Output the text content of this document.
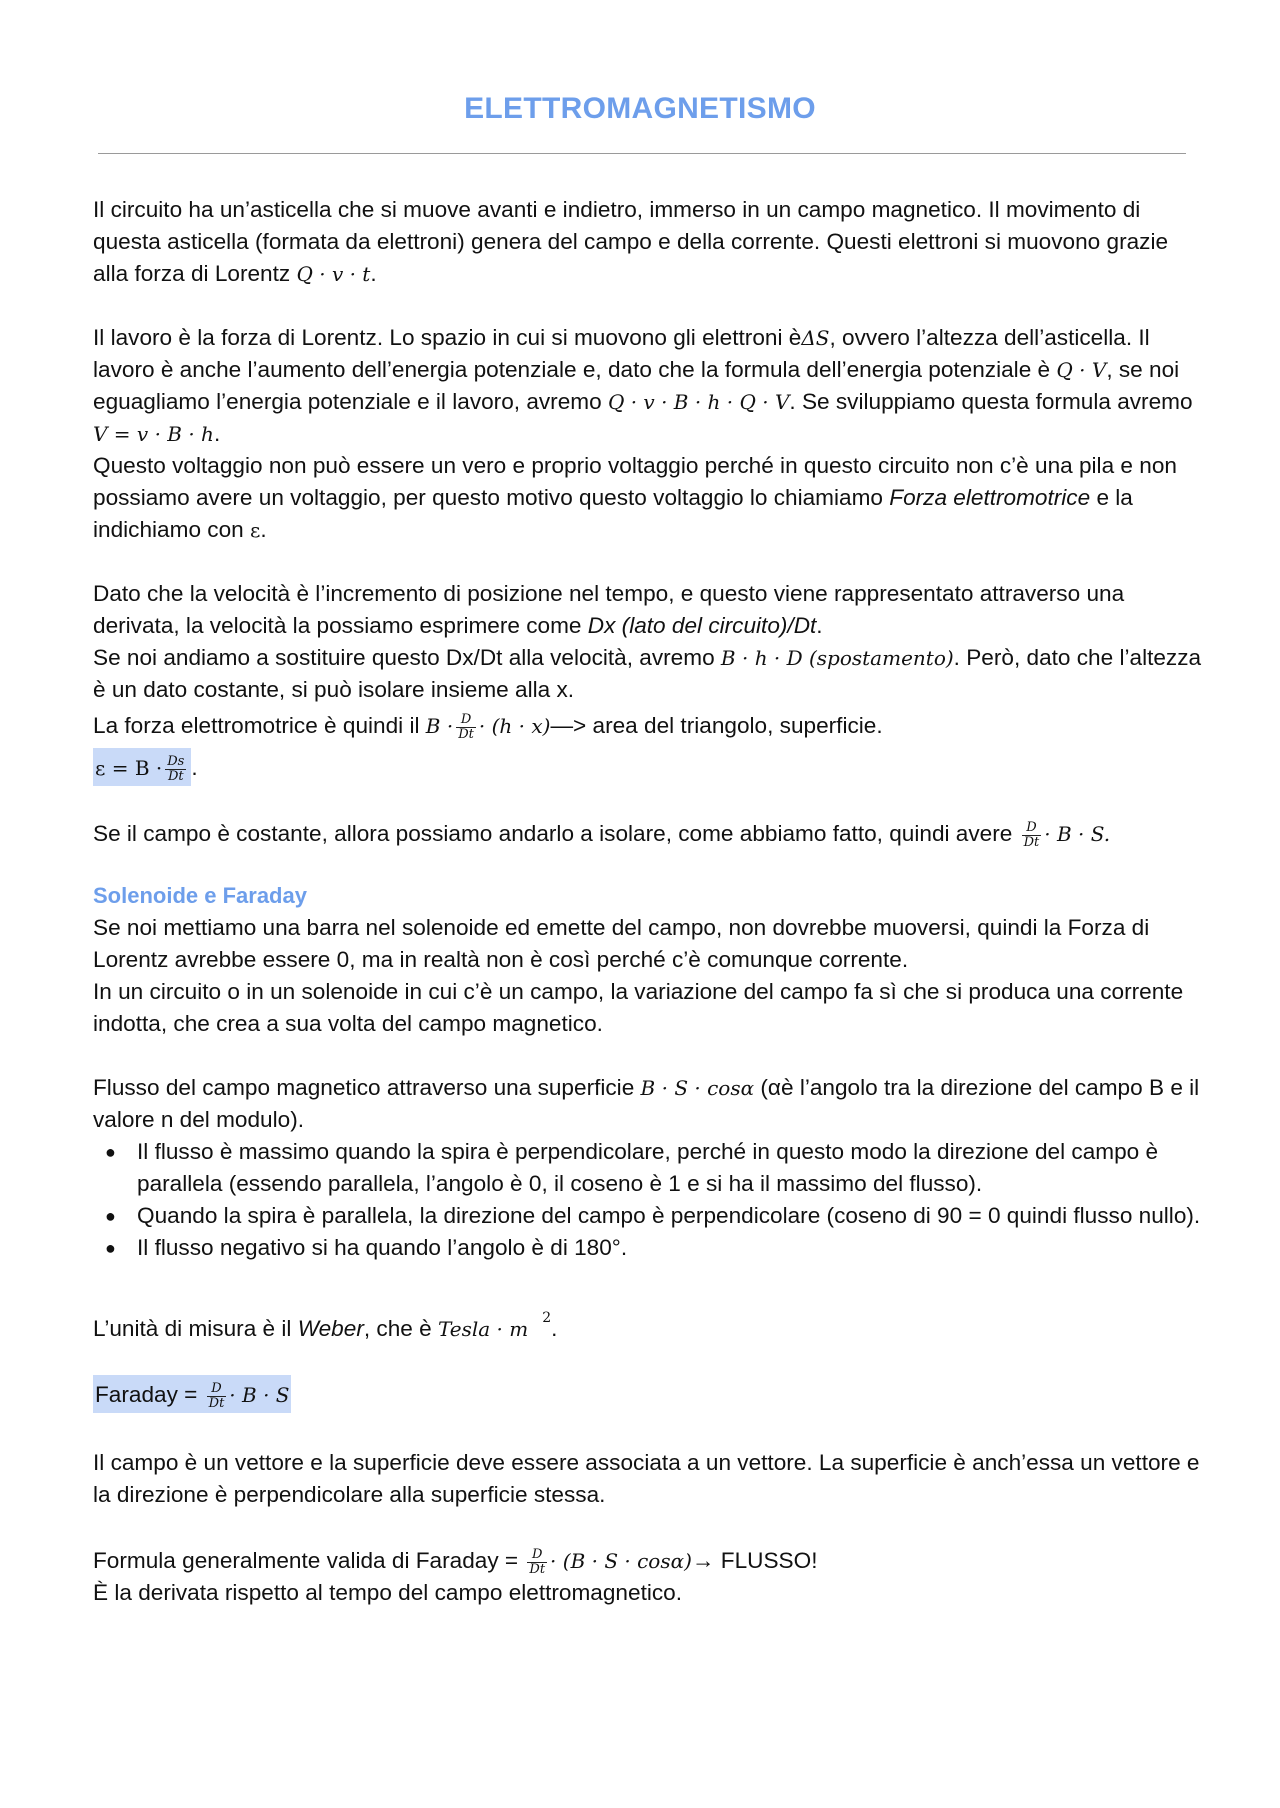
ELETTROMAGNETISMO

Il circuito ha un’asticella che si muove avanti e indietro, immerso in un campo magnetico. Il movimento di questa asticella (formata da elettroni) genera del campo e della corrente. Questi elettroni si muovono grazie alla forza di Lorentz Q · v · t.

Il lavoro è la forza di Lorentz. Lo spazio in cui si muovono gli elettroni èΔS, ovvero l’altezza dell’asticella. Il lavoro è anche l’aumento dell’energia potenziale e, dato che la formula dell’energia potenziale è Q · V, se noi eguagliamo l’energia potenziale e il lavoro, avremo Q · v · B · h · Q · V. Se sviluppiamo questa formula avremo V = v · B · h.

Questo voltaggio non può essere un vero e proprio voltaggio perché in questo circuito non c’è una pila e non possiamo avere un voltaggio, per questo motivo questo voltaggio lo chiamiamo Forza elettromotrice e la indichiamo con ε.

Dato che la velocità è l’incremento di posizione nel tempo, e questo viene rappresentato attraverso una derivata, la velocità la possiamo esprimere come Dx (lato del circuito)/Dt.

Se noi andiamo a sostituire questo Dx/Dt alla velocità, avremo B · h · D (spostamento). Però, dato che l’altezza è un dato costante, si può isolare insieme alla x.

La forza elettromotrice è quindi il $B \cdot \frac{D}{Dt} \cdot (h$ · x)—> area del triangolo, superficie.

$\varepsilon = B \cdot \frac{Ds}{Dt}$ .

Se il campo è costante, allora possiamo andarlo a isolare, come abbiamo fatto, quindi avere $\frac{D}{Dt} \cdot B \cdot S$.

Solenoide e Faraday

Se noi mettiamo una barra nel solenoide ed emette del campo, non dovrebbe muoversi, quindi la Forza di Lorentz avrebbe essere 0, ma in realtà non è così perché c’è comunque corrente.

In un circuito o in un solenoide in cui c’è un campo, la variazione del campo fa sì che si produca una corrente indotta, che crea a sua volta del campo magnetico.

Flusso del campo magnetico attraverso una superficie B · S · cosα (αè l’angolo tra la direzione del campo B e il valore n del modulo).

● Il flusso è massimo quando la spira è perpendicolare, perché in questo modo la direzione del campo è parallela (essendo parallela, l’angolo è 0, il coseno è 1 e si ha il massimo del flusso).
● Quando la spira è parallela, la direzione del campo è perpendicolare (coseno di 90 = 0 quindi flusso nullo).
● Il flusso negativo si ha quando l’angolo è di 180°.

L’unità di misura è il Weber, che è Tesla · m $^2$.

Faraday = $\frac{D}{Dt} \cdot B \cdot S$

Il campo è un vettore e la superficie deve essere associata a un vettore. La superficie è anch’essa un vettore e la direzione è perpendicolare alla superficie stessa.

Formula generalmente valida di Faraday = $\frac{D}{Dt} \cdot (B \cdot S \cdot \cos\alpha)\to$ FLUSSO!

È la derivata rispetto al tempo del campo elettromagnetico.
